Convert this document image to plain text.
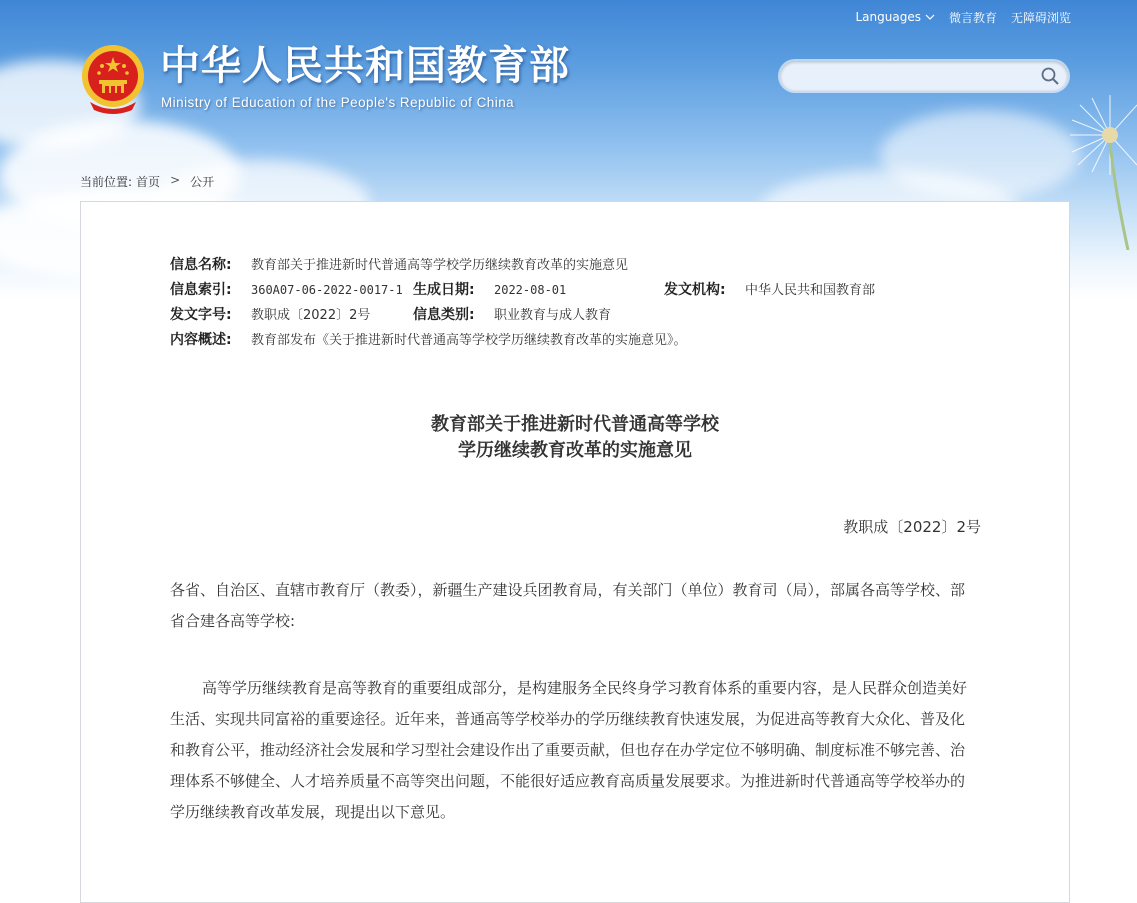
Languages 微言教育 无障碍浏览
中华人民共和国教育部
Ministry of Education of the People's Republic of China
当前位置: 首页 > 公开
信息名称: 教育部关于推进新时代普通高等学校学历继续教育改革的实施意见
信息索引: 360A07-06-2022-0017-1 生成日期: 2022-08-01	发文机构: 中华人民共和国教育部
发文字号: 教职成〔2022〕2号	信息类别: 职业教育与成人教育
内容概述: 教育部发布《关于推进新时代普通高等学校学历继续教育改革的实施意见》。
教育部关于推进新时代普通高等学校
学历继续教育改革的实施意见
教职成〔2022〕2号

各省、自治区、直辖市教育厅（教委），新疆生产建设兵团教育局，有关部门（单位）教育司（局），部属各高等学校、部省合建各高等学校:

高等学历继续教育是高等教育的重要组成部分，是构建服务全民终身学习教育体系的重要内容，是人民群众创造美好生活、实现共同富裕的重要途径。近年来，普通高等学校举办的学历继续教育快速发展，为促进高等教育大众化、普及化和教育公平，推动经济社会发展和学习型社会建设作出了重要贡献，但也存在办学定位不够明确、制度标准不够完善、治理体系不够健全、人才培养质量不高等突出问题，不能很好适应教育高质量发展要求。为推进新时代普通高等学校举办的学历继续教育改革发展，现提出以下意见。
